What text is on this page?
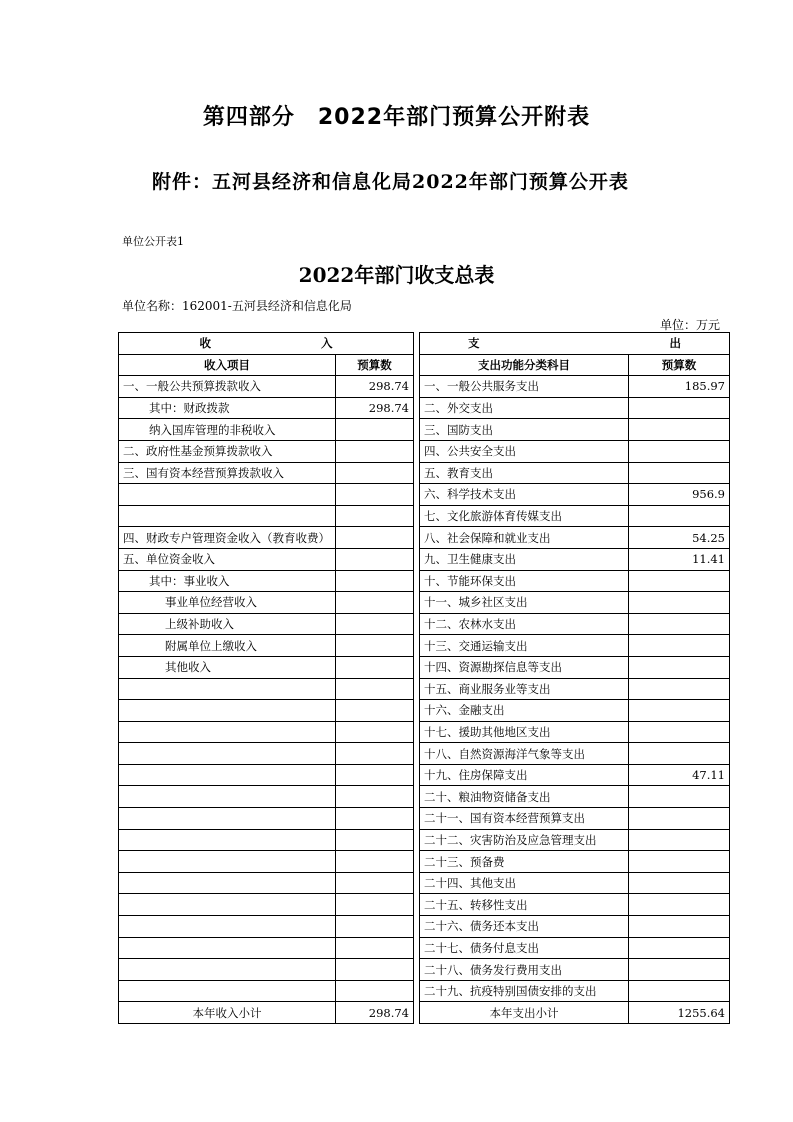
第四部分　2022年部门预算公开附表
附件：五河县经济和信息化局2022年部门预算公开表
单位公开表1
2022年部门收支总表
单位名称：162001-五河县经济和信息化局
单位：万元
收 入			支 出	
收入项目	预算数		支出功能分类科目	预算数
一、一般公共预算拨款收入	298.74		一、一般公共服务支出	185.97
其中：财政拨款	298.74		二、外交支出	
纳入国库管理的非税收入			三、国防支出	
二、政府性基金预算拨款收入			四、公共安全支出	
三、国有资本经营预算拨款收入			五、教育支出	
			六、科学技术支出	956.9
			七、文化旅游体育传媒支出	
四、财政专户管理资金收入（教育收费）			八、社会保障和就业支出	54.25
五、单位资金收入			九、卫生健康支出	11.41
其中：事业收入			十、节能环保支出	
事业单位经营收入			十一、城乡社区支出	
上级补助收入			十二、农林水支出	
附属单位上缴收入			十三、交通运输支出	
其他收入			十四、资源勘探信息等支出	
			十五、商业服务业等支出	
			十六、金融支出	
			十七、援助其他地区支出	
			十八、自然资源海洋气象等支出	
			十九、住房保障支出	47.11
			二十、粮油物资储备支出	
			二十一、国有资本经营预算支出	
			二十二、灾害防治及应急管理支出	
			二十三、预备费	
			二十四、其他支出	
			二十五、转移性支出	
			二十六、债务还本支出	
			二十七、债务付息支出	
			二十八、债务发行费用支出	
			二十九、抗疫特别国债安排的支出	
本年收入小计	298.74		本年支出小计	1255.64
